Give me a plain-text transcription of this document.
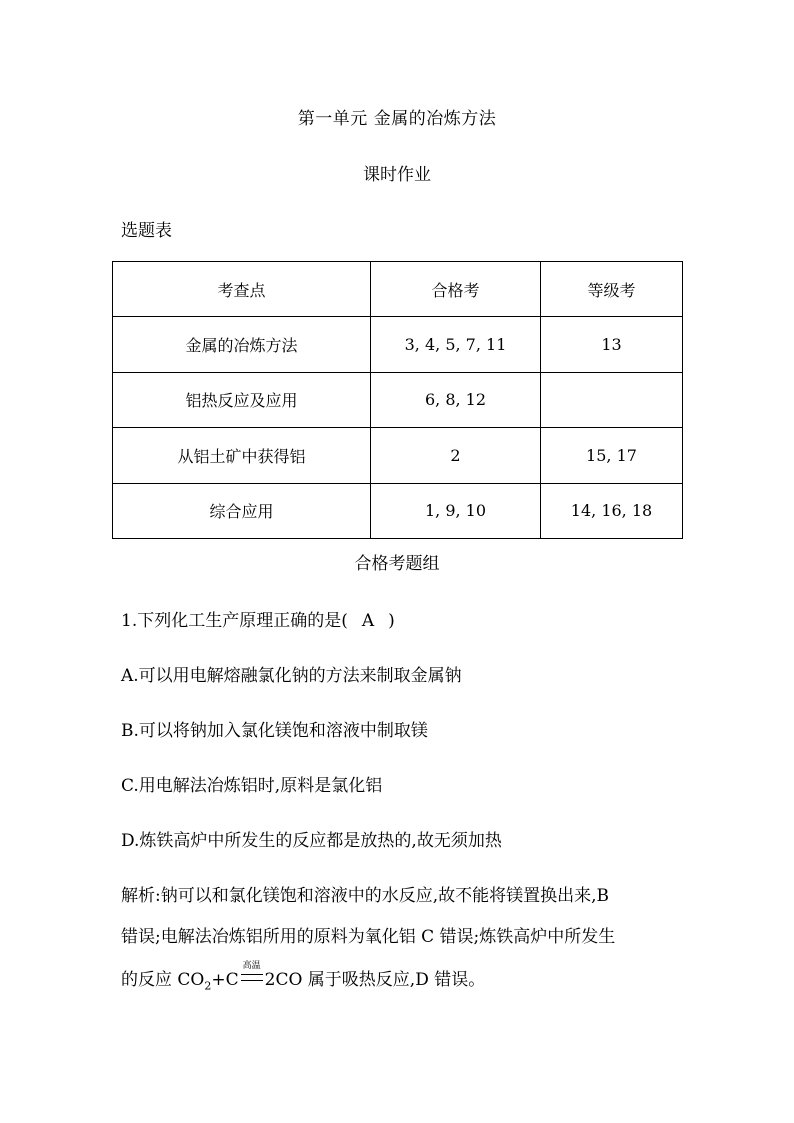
第一单元 金属的冶炼方法
课时作业
选题表
考查点	合格考	等级考
金属的冶炼方法	3, 4, 5, 7, 11	13
铝热反应及应用	6, 8, 12	
从铝土矿中获得铝	2	15, 17
综合应用	1, 9, 10	14, 16, 18
合格考题组
1.下列化工生产原理正确的是( A )
A.可以用电解熔融氯化钠的方法来制取金属钠
B.可以将钠加入氯化镁饱和溶液中制取镁
C.用电解法冶炼铝时,原料是氯化铝
D.炼铁高炉中所发生的反应都是放热的,故无须加热
解析:钠可以和氯化镁饱和溶液中的水反应,故不能将镁置换出来,B
错误;电解法冶炼铝所用的原料为氧化铝 C 错误;炼铁高炉中所发生
的反应 $CO_2+C$
高温
2CO 属于吸热反应,D 错误。
